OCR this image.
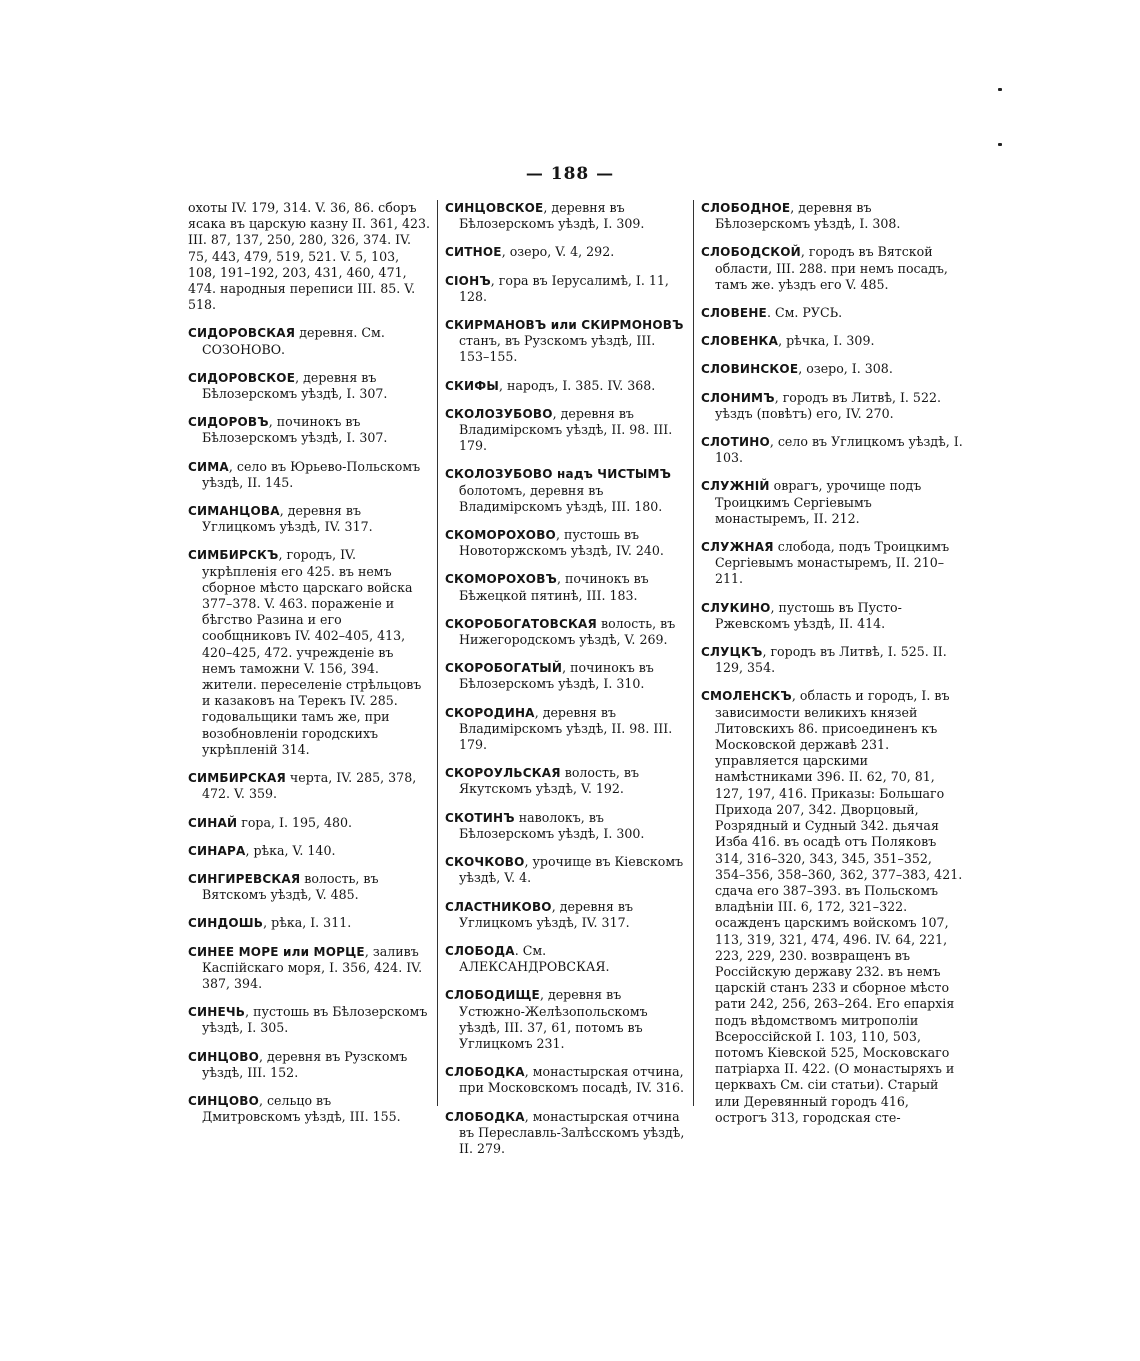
— 188 —

охоты IV. 179, 314. V. 36, 86. сборъ ясака въ царскую казну II. 361, 423. III. 87, 137, 250, 280, 326, 374. IV. 75, 443, 479, 519, 521. V. 5, 103, 108, 191–192, 203, 431, 460, 471, 474. народныя переписи III. 85. V. 518.

СИДОРОВСКАЯ деревня. См. СОЗОНОВО.

СИДОРОВСКОЕ, деревня въ Бѣлозерскомъ уѣздѣ, I. 307.

СИДОРОВЪ, починокъ въ Бѣлозерскомъ уѣздѣ, I. 307.

СИМА, село въ Юрьево-Польскомъ уѣздѣ, II. 145.

СИМАНЦОВА, деревня въ Углицкомъ уѣздѣ, IV. 317.

СИМБИРСКЪ, городъ, IV. укрѣпленія его 425. въ немъ сборное мѣсто царскаго войска 377–378. V. 463. пораженіе и бѣгство Разина и его сообщниковъ IV. 402–405, 413, 420–425, 472. учрежденіе въ немъ таможни V. 156, 394. жители. переселеніе стрѣльцовъ и казаковъ на Терекъ IV. 285. годовальщики тамъ же, при возобновленіи городскихъ укрѣпленій 314.

СИМБИРСКАЯ черта, IV. 285, 378, 472. V. 359.

СИНАЙ гора, I. 195, 480.

СИНАРА, рѣка, V. 140.

СИНГИРЕВСКАЯ волость, въ Вятскомъ уѣздѣ, V. 485.

СИНДОШЬ, рѣка, I. 311.

СИНЕЕ МОРЕ или МОРЦЕ, заливъ Каспійскаго моря, I. 356, 424. IV. 387, 394.

СИНЕЧЬ, пустошь въ Бѣлозерскомъ уѣздѣ, I. 305.

СИНЦОВО, деревня въ Рузскомъ уѣздѣ, III. 152.

СИНЦОВО, сельцо въ Дмитровскомъ уѣздѣ, III. 155.

СИНЦОВСКОЕ, деревня въ Бѣлозерскомъ уѣздѣ, I. 309.

СИТНОЕ, озеро, V. 4, 292.

СІОНЪ, гора въ Іерусалимѣ, I. 11, 128.

СКИРМАНОВЪ или СКИРМОНОВЪ станъ, въ Рузскомъ уѣздѣ, III. 153–155.

СКИФЫ, народъ, I. 385. IV. 368.

СКОЛОЗУБОВО, деревня въ Владимірскомъ уѣздѣ, II. 98. III. 179.

СКОЛОЗУБОВО надъ ЧИСТЫМЪ болотомъ, деревня въ Владимірскомъ уѣздѣ, III. 180.

СКОМОРОХОВО, пустошь въ Новоторжскомъ уѣздѣ, IV. 240.

СКОМОРОХОВЪ, починокъ въ Бѣжецкой пятинѣ, III. 183.

СКОРОБОГАТОВСКАЯ волость, въ Нижегородскомъ уѣздѣ, V. 269.

СКОРОБОГАТЫЙ, починокъ въ Бѣлозерскомъ уѣздѣ, I. 310.

СКОРОДИНА, деревня въ Владимірскомъ уѣздѣ, II. 98. III. 179.

СКОРОУЛЬСКАЯ волость, въ Якутскомъ уѣздѣ, V. 192.

СКОТИНЪ наволокъ, въ Бѣлозерскомъ уѣздѣ, I. 300.

СКОЧКОВО, урочище въ Кіевскомъ уѣздѣ, V. 4.

СЛАСТНИКОВО, деревня въ Углицкомъ уѣздѣ, IV. 317.

СЛОБОДА. См. АЛЕКСАНДРОВСКАЯ.

СЛОБОДИЩЕ, деревня въ Устюжно-Желѣзопольскомъ уѣздѣ, III. 37, 61, потомъ въ Углицкомъ 231.

СЛОБОДКА, монастырская отчина, при Московскомъ посадѣ, IV. 316.

СЛОБОДКА, монастырская отчина въ Переславль-Залѣсскомъ уѣздѣ, II. 279.

СЛОБОДНОЕ, деревня въ Бѣлозерскомъ уѣздѣ, I. 308.

СЛОБОДСКОЙ, городъ въ Вятской области, III. 288. при немъ посадъ, тамъ же. уѣздъ его V. 485.

СЛОВЕНЕ. См. РУСЬ.

СЛОВЕНКА, рѣчка, I. 309.

СЛОВИНСКОЕ, озеро, I. 308.

СЛОНИМЪ, городъ въ Литвѣ, I. 522. уѣздъ (повѣтъ) его, IV. 270.

СЛОТИНО, село въ Углицкомъ уѣздѣ, I. 103.

СЛУЖНІЙ оврагъ, урочище подъ Троицкимъ Сергіевымъ монастыремъ, II. 212.

СЛУЖНАЯ слобода, подъ Троицкимъ Сергіевымъ монастыремъ, II. 210–211.

СЛУКИНО, пустошь въ Пусто-Ржевскомъ уѣздѣ, II. 414.

СЛУЦКЪ, городъ въ Литвѣ, I. 525. II. 129, 354.

СМОЛЕНСКЪ, область и городъ, I. въ зависимости великихъ князей Литовскихъ 86. присоединенъ къ Московской державѣ 231. управляется царскими намѣстниками 396. II. 62, 70, 81, 127, 197, 416. Приказы: Большаго Прихода 207, 342. Дворцовый, Розрядный и Судный 342. дьячая Изба 416. въ осадѣ отъ Поляковъ 314, 316–320, 343, 345, 351–352, 354–356, 358–360, 362, 377–383, 421. сдача его 387–393. въ Польскомъ владѣніи III. 6, 172, 321–322. осажденъ царскимъ войскомъ 107, 113, 319, 321, 474, 496. IV. 64, 221, 223, 229, 230. возвращенъ въ Россійскую державу 232. въ немъ царскій станъ 233 и сборное мѣсто рати 242, 256, 263–264. Его епархія подъ вѣдомствомъ митрополіи Всероссійской I. 103, 110, 503, потомъ Кіевской 525, Московскаго патріарха II. 422. (О монастыряхъ и церквахъ См. сіи статьи). Старый или Деревянный городъ 416, острогъ 313, городская сте-
